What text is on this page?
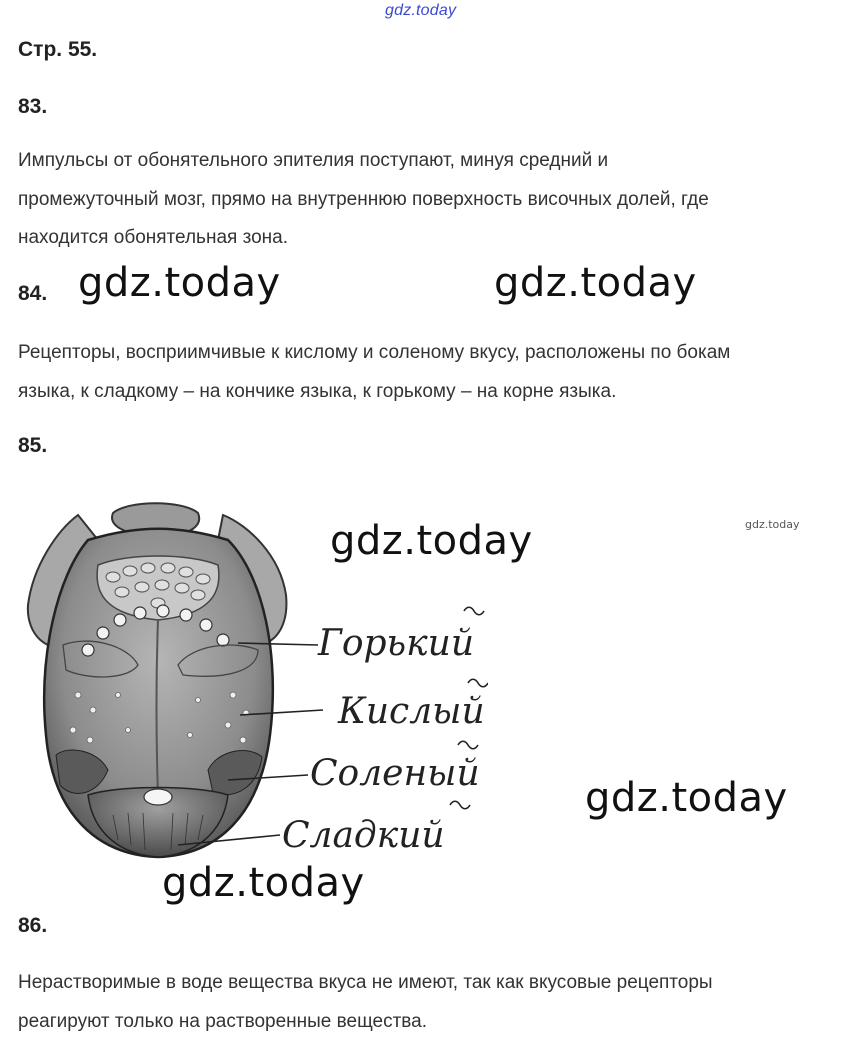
gdz.today
Стр. 55.
83.
Импульсы от обонятельного эпителия поступают, минуя средний и
промежуточный мозг, прямо на внутреннюю поверхность височных долей, где
находится обонятельная зона.
84. gdz.today	gdz.today
Рецепторы, восприимчивые к кислому и соленому вкусу, расположены по бокам
языка, к сладкому – на кончике языка, к горькому – на корне языка.
85.
Горький
Кислый
Соленый
Сладкий
gdz.today	gdz.today
gdz.today
gdz.today
86.
Нерастворимые в воде вещества вкуса не имеют, так как вкусовые рецепторы
реагируют только на растворенные вещества.
